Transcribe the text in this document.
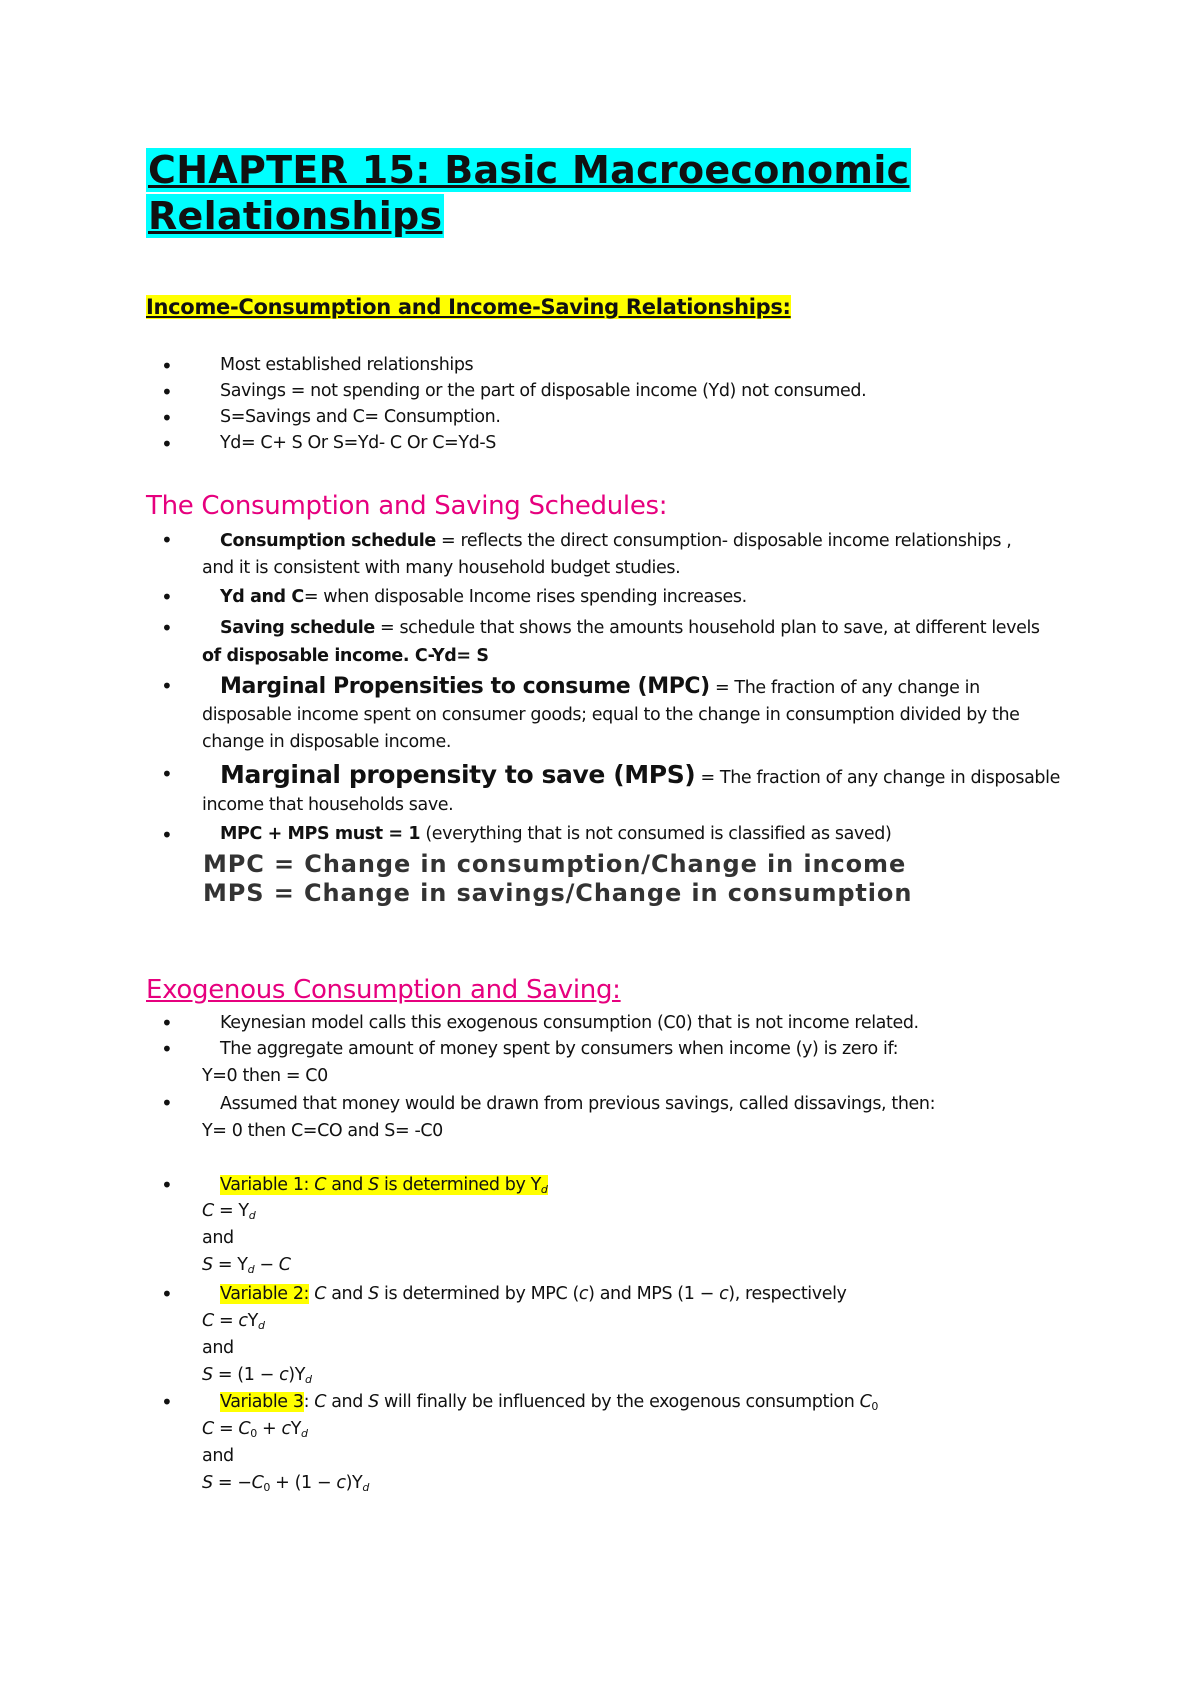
CHAPTER 15: Basic Macroeconomic
Relationships
Income-Consumption and Income-Saving Relationships:
•	Most established relationships
•	Savings = not spending or the part of disposable income (Yd) not consumed.
•	S=Savings and C= Consumption.
•	Yd= C+ S Or S=Yd- C Or C=Yd-S
The Consumption and Saving Schedules:
•	Consumption schedule = reflects the direct consumption- disposable income relationships ,
and it is consistent with many household budget studies.
•	Yd and C= when disposable Income rises spending increases.
•	Saving schedule = schedule that shows the amounts household plan to save, at different levels
of disposable income. C-Yd= S
• Marginal Propensities to consume (MPC) = The fraction of any change in
disposable income spent on consumer goods; equal to the change in consumption divided by the
change in disposable income.
• Marginal propensity to save (MPS) = The fraction of any change in disposable
income that households save.
•	MPC + MPS must = 1 (everything that is not consumed is classified as saved)
MPC = Change in consumption/Change in income
MPS = Change in savings/Change in consumption
Exogenous Consumption and Saving:
•	Keynesian model calls this exogenous consumption (C0) that is not income related.
•	The aggregate amount of money spent by consumers when income (y) is zero if:
Y=0 then = C0
•	Assumed that money would be drawn from previous savings, called dissavings, then:
Y= 0 then C=CO and S= -C0
•	Variable 1: C and S is determined by $Y_d$
$C = Y_d$
and
$S = Y_d - C$
•	Variable 2: C and S is determined by MPC (c) and MPS (1 − c), respectively
$C = cY_d$
and
$S = (1 - c)Y_d$
•	Variable 3: C and S will finally be influenced by the exogenous consumption $C_0$
$C = C_0 + cY_d$
and
$S = -C_0 + (1 - c)Y_d$
